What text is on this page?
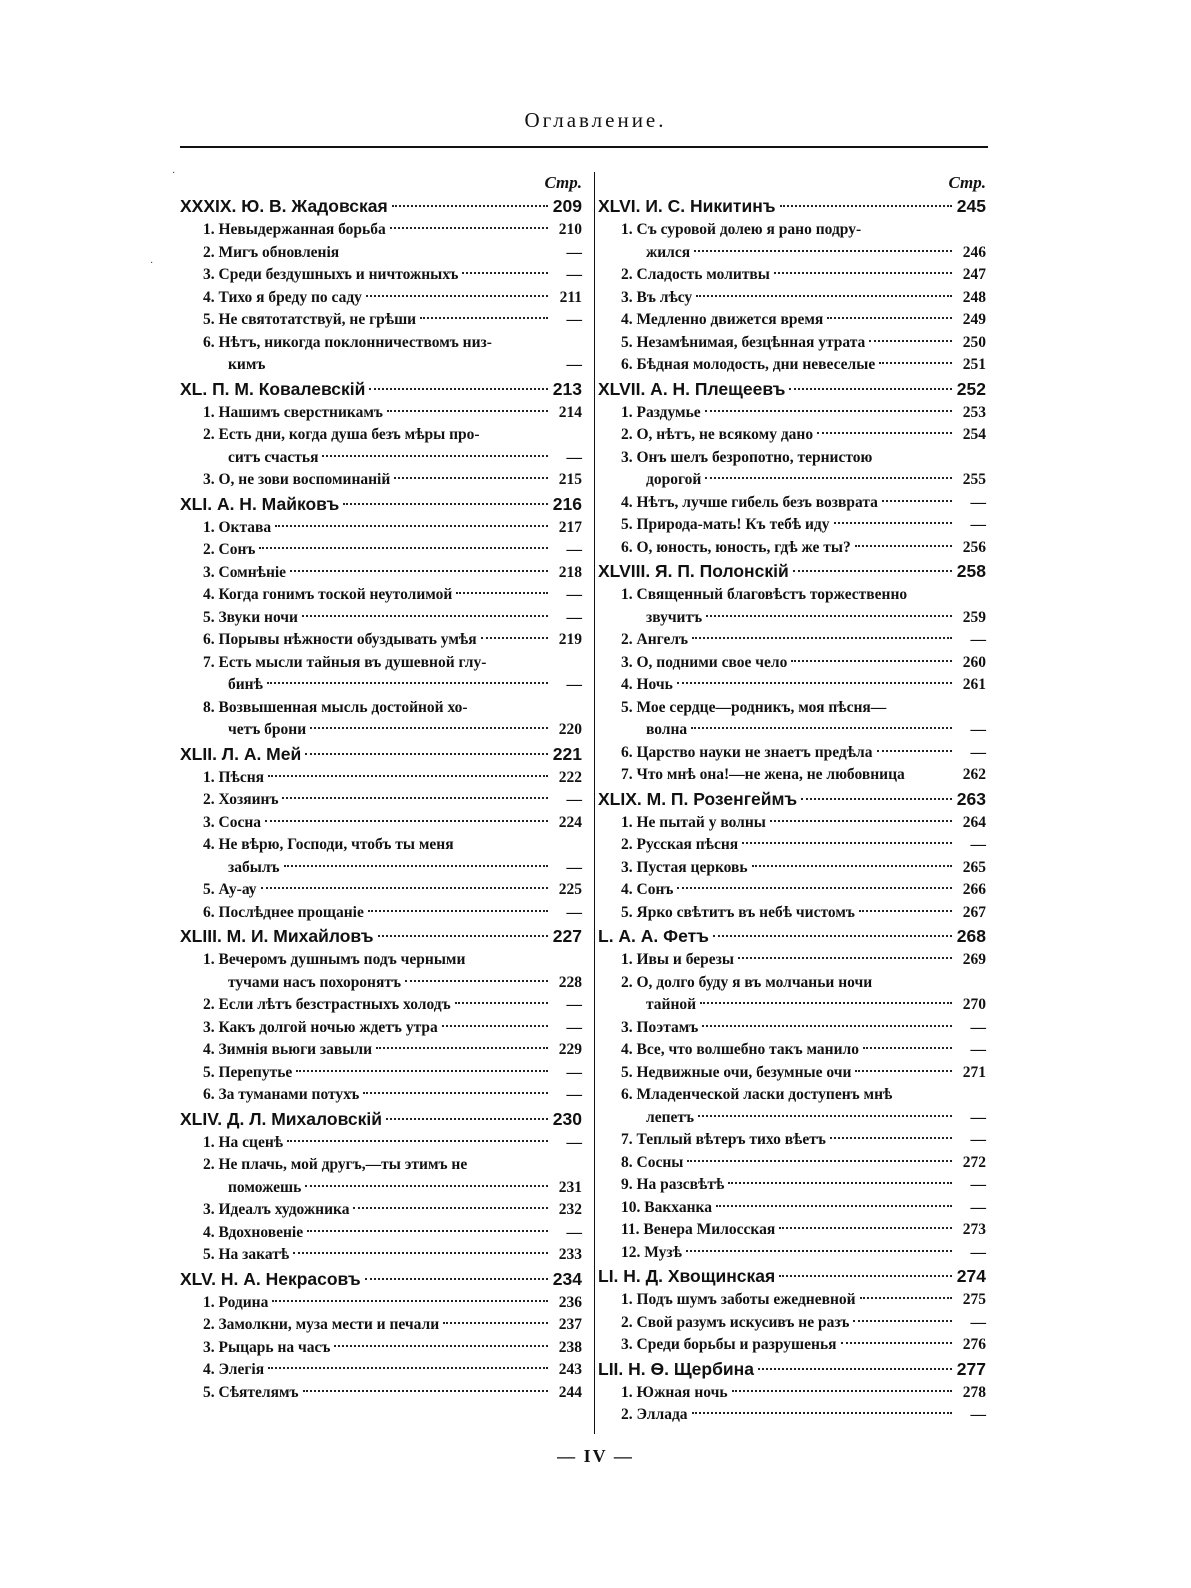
Оглавление.
·
·
Стр.
XXXIX. Ю. В. Жадовская	209
1. Невыдержанная борьба	210
2. Мигъ обновленія	—
3. Среди бездушныхъ и ничтожныхъ	—
4. Тихо я бреду по саду	211
5. Не святотатствуй, не грѣши	—
6. Нѣтъ, никогда поклонничествомъ низ-
кимъ	—
XL. П. М. Ковалевскій	213
1. Нашимъ сверстникамъ	214
2. Есть дни, когда душа безъ мѣры про-
ситъ счастья	—
3. О, не зови воспоминаній	215
XLI. А. Н. Майковъ	216
1. Октава	217
2. Сонъ	—
3. Сомнѣніе	218
4. Когда гонимъ тоской неутолимой	—
5. Звуки ночи	—
6. Порывы нѣжности обуздывать умѣя	219
7. Есть мысли тайныя въ душевной глу-
бинѣ	—
8. Возвышенная мысль достойной хо-
четъ брони	220
XLII. Л. А. Мей	221
1. Пѣсня	222
2. Хозяинъ	—
3. Сосна	224
4. Не вѣрю, Господи, чтобъ ты меня
забылъ	—
5. Ау-ау	225
6. Послѣднее прощаніе	—
XLIII. М. И. Михайловъ	227
1. Вечеромъ душнымъ подъ черными
тучами насъ похоронятъ	228
2. Если лѣтъ безстрастныхъ холодъ	—
3. Какъ долгой ночью ждетъ утра	—
4. Зимнія вьюги завыли	229
5. Перепутье	—
6. За туманами потухъ	—
XLIV. Д. Л. Михаловскій	230
1. На сценѣ	—
2. Не плачь, мой другъ,—ты этимъ не
поможешь	231
3. Идеалъ художника	232
4. Вдохновеніе	—
5. На закатѣ	233
XLV. Н. А. Некрасовъ	234
1. Родина	236
2. Замолкни, муза мести и печали	237
3. Рыцарь на часъ	238
4. Элегія	243
5. Сѣятелямъ	244
Стр.
XLVI. И. С. Никитинъ	245
1. Съ суровой долею я рано подру-
жился	246
2. Сладость молитвы	247
3. Въ лѣсу	248
4. Медленно движется время	249
5. Незамѣнимая, безцѣнная утрата	250
6. Бѣдная молодость, дни невеселые	251
XLVII. А. Н. Плещеевъ	252
1. Раздумье	253
2. О, нѣтъ, не всякому дано	254
3. Онъ шелъ безропотно, тернистою
дорогой	255
4. Нѣтъ, лучше гибель безъ возврата	—
5. Природа-мать! Къ тебѣ иду	—
6. О, юность, юность, гдѣ же ты?	256
XLVIII. Я. П. Полонскій	258
1. Священный благовѣстъ торжественно
звучитъ	259
2. Ангелъ	—
3. О, подними свое чело	260
4. Ночь	261
5. Мое сердце—родникъ, моя пѣсня—
волна	—
6. Царство науки не знаетъ предѣла	—
7. Что мнѣ она!—не жена, не любовница	262
XLIX. М. П. Розенгеймъ	263
1. Не пытай у волны	264
2. Русская пѣсня	—
3. Пустая церковь	265
4. Сонъ	266
5. Ярко свѣтитъ въ небѣ чистомъ	267
L. А. А. Фетъ	268
1. Ивы и березы	269
2. О, долго буду я въ молчаньи ночи
тайной	270
3. Поэтамъ	—
4. Все, что волшебно такъ манило	—
5. Недвижные очи, безумные очи	271
6. Младенческой ласки доступенъ мнѣ
лепетъ	—
7. Теплый вѣтеръ тихо вѣетъ	—
8. Сосны	272
9. На разсвѣтѣ	—
10. Вакханка	—
11. Венера Милосская	273
12. Музѣ	—
LI. Н. Д. Хвощинская	274
1. Подъ шумъ заботы ежедневной	275
2. Свой разумъ искусивъ не разъ	—
3. Среди борьбы и разрушенья	276
LII. Н. Ѳ. Щербина	277
1. Южная ночь	278
2. Эллада	—
— IV —
